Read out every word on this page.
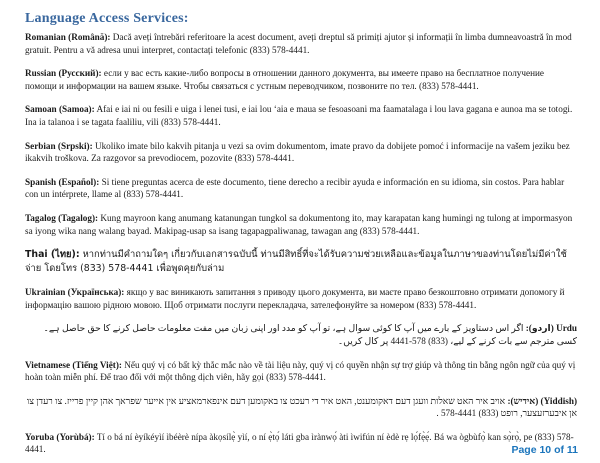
Language Access Services:

Romanian (Română): Dacă aveți întrebări referitoare la acest document, aveți dreptul să primiți ajutor și informații în limba dumneavoastră în mod gratuit. Pentru a vă adresa unui interpret, contactați telefonic (833) 578-4441.

Russian (Русский): если у вас есть какие-либо вопросы в отношении данного документа, вы имеете право на бесплатное получение помощи и информации на вашем языке. Чтобы связаться с устным переводчиком, позвоните по тел. (833) 578-4441.

Samoan (Samoa): Afai e iai ni ou fesili e uiga i lenei tusi, e iai lou ʻaia e maua se fesoasoani ma faamatalaga i lou lava gagana e aunoa ma se totogi. Ina ia talanoa i se tagata faaliliu, vili (833) 578-4441.

Serbian (Srpski): Ukoliko imate bilo kakvih pitanja u vezi sa ovim dokumentom, imate pravo da dobijete pomoć i informacije na vašem jeziku bez ikakvih troškova. Za razgovor sa prevodiocem, pozovite (833) 578-4441.

Spanish (Español): Si tiene preguntas acerca de este documento, tiene derecho a recibir ayuda e información en su idioma, sin costos. Para hablar con un intérprete, llame al (833) 578-4441.

Tagalog (Tagalog): Kung mayroon kang anumang katanungan tungkol sa dokumentong ito, may karapatan kang humingi ng tulong at impormasyon sa iyong wika nang walang bayad. Makipag-usap sa isang tagapagpaliwanag, tawagan ang (833) 578-4441.

Thai (ไทย): หากท่านมีคำถามใดๆ เกี่ยวกับเอกสารฉบับนี้ ท่านมีสิทธิ์ที่จะได้รับความช่วยเหลือและข้อมูลในภาษาของท่านโดยไม่มีค่าใช้จ่าย โดยโทร (833) 578-4441 เพื่อพูดคุยกับล่าม

Ukrainian (Українська): якщо у вас виникають запитання з приводу цього документа, ви маєте право безкоштовно отримати допомогу й інформацію вашою рідною мовою. Щоб отримати послуги перекладача, зателефонуйте за номером (833) 578-4441.

Urdu (اردو): اگر اس دستاویز کے بارے میں آپ کا کوئی سوال ہے، تو آپ کو مدد اور اپنی زبان میں مفت معلومات حاصل کرنے کا حق حاصل ہے۔ کسی مترجم سے بات کرنے کے لیے، (833) 578-4441 پر کال کریں۔

Vietnamese (Tiếng Việt): Nếu quý vị có bất kỳ thắc mắc nào về tài liệu này, quý vị có quyền nhận sự trợ giúp và thông tin bằng ngôn ngữ của quý vị hoàn toàn miễn phí. Để trao đổi với một thông dịch viên, hãy gọi (833) 578-4441.

(Yiddish) (אידיש): אויב איר האט שאלות וועגן דעם דאקומענט, האט איר די רעכט צו באקומען דעם אינפארמאציע אין אייער שפראך אהן קיין פרייז. צו רעדן צו אן איבערזעצער, רופט (833) 578-4441 .

Yoruba (Yorùbá): Tí o bá ní èyíkéyìí ìbéèrè nípa àkọsílẹ̀ yìí, o ní ẹ̀tọ́ láti gba ìrànwọ́ àti ìwifún ní èdè rẹ lọ́fẹ̀ẹ́. Bá wa ògbùfọ̀ kan sọ̀rọ̀, pe (833) 578-4441.	Page 10 of 11
